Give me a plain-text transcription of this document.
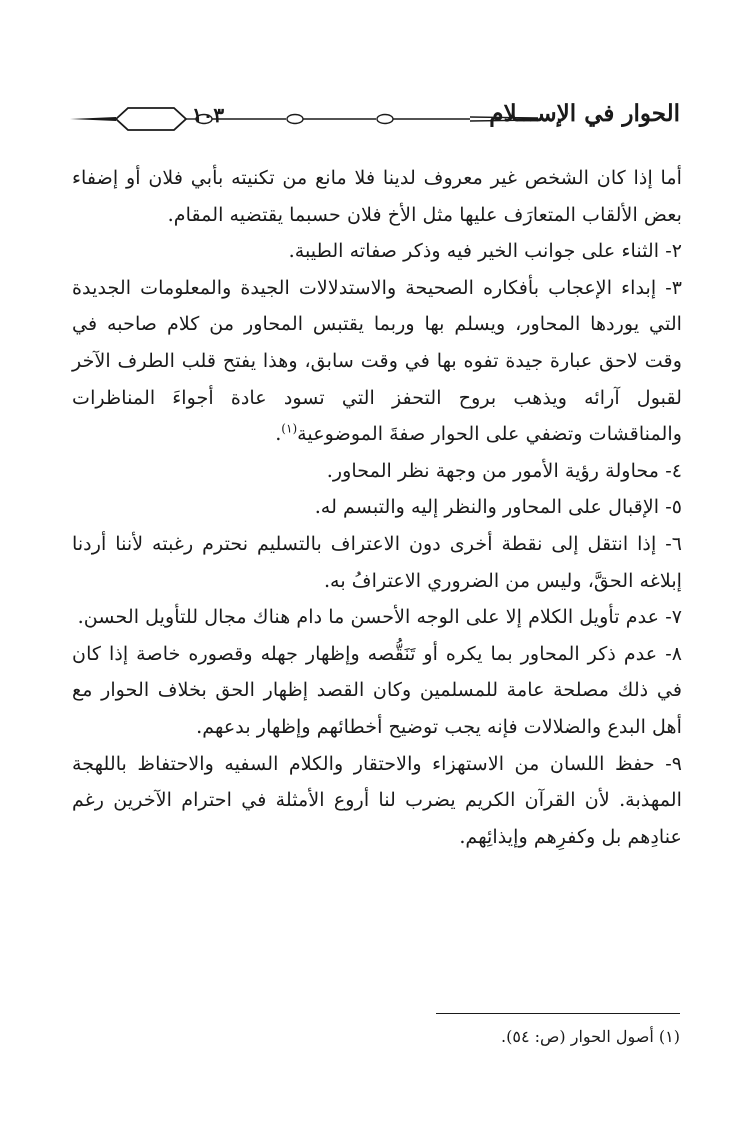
الحوار في الإســـلام
١٠٣

أما إذا كان الشخص غير معروف لدينا فلا مانع من تكنيته بأبي فلان أو إضفاء بعض الألقاب المتعارَف عليها مثل الأخ فلان حسبما يقتضيه المقام.

٢- الثناء على جوانب الخير فيه وذكر صفاته الطيبة.

٣- إبداء الإعجاب بأفكاره الصحيحة والاستدلالات الجيدة والمعلومات الجديدة التي يوردها المحاور، ويسلم بها وربما يقتبس المحاور من كلام صاحبه في وقت لاحق عبارة جيدة تفوه بها في وقت سابق، وهذا يفتح قلب الطرف الآخر لقبول آرائه ويذهب بروح التحفز التي تسود عادة أجواءَ المناظرات والمناقشات وتضفي على الحوار صفةَ الموضوعية$^{(١)}$.

٤- محاولة رؤية الأمور من وجهة نظر المحاور.

٥- الإقبال على المحاور والنظر إليه والتبسم له.

٦- إذا انتقل إلى نقطة أخرى دون الاعتراف بالتسليم نحترم رغبته لأننا أردنا إبلاغه الحقَّ، وليس من الضروري الاعترافُ به.

٧- عدم تأويل الكلام إلا على الوجه الأحسن ما دام هناك مجال للتأويل الحسن.

٨- عدم ذكر المحاور بما يكره أو تَنَقُّصه وإظهار جهله وقصوره خاصة إذا كان في ذلك مصلحة عامة للمسلمين وكان القصد إظهار الحق بخلاف الحوار مع أهل البدع والضلالات فإنه يجب توضيح أخطائهم وإظهار بدعهم.

٩- حفظ اللسان من الاستهزاء والاحتقار والكلام السفيه والاحتفاظ باللهجة المهذبة. لأن القرآن الكريم يضرب لنا أروع الأمثلة في احترام الآخرين رغم عنادِهم بل وكفرِهم وإيذائِهم.

(١) أصول الحوار (ص: ٥٤).
